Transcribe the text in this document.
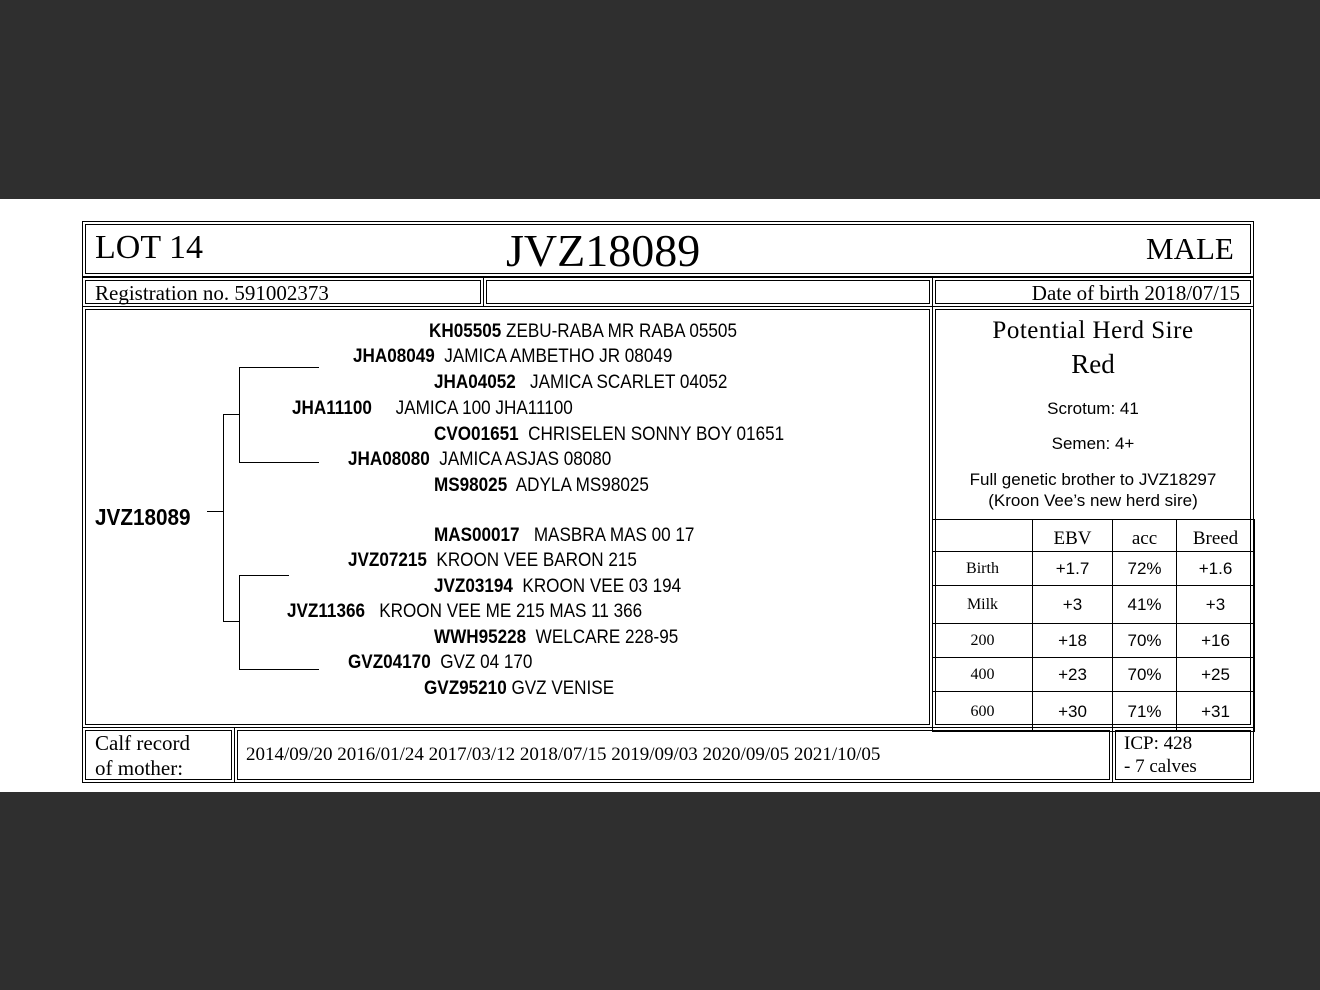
LOT 14	JVZ18089	MALE
Registration no. 591002373	Date of birth 2018/07/15
JVZ18089
KH05505 ZEBU-RABA MR RABA 05505
JHA08049 JAMICA AMBETHO JR 08049
JHA04052 JAMICA SCARLET 04052
JHA11100 JAMICA 100 JHA11100
CVO01651 CHRISELEN SONNY BOY 01651
JHA08080 JAMICA ASJAS 08080
MS98025 ADYLA MS98025
MAS00017 MASBRA MAS 00 17
JVZ07215 KROON VEE BARON 215
JVZ03194 KROON VEE 03 194
JVZ11366 KROON VEE ME 215 MAS 11 366
WWH95228 WELCARE 228-95
GVZ04170 GVZ 04 170
GVZ95210 GVZ VENISE
Potential Herd Sire
Red
Scrotum: 41
Semen: 4+
Full genetic brother to JVZ18297
(Kroon Vee’s new herd sire)
	EBV	acc	Breed
Birth	+1.7	72%	+1.6
Milk	+3	41%	+3
200	+18	70%	+16
400	+23	70%	+25
600	+30	71%	+31
Calf record
of mother:
2014/09/20 2016/01/24 2017/03/12 2018/07/15 2019/09/03 2020/09/05 2021/10/05
ICP: 428
- 7 calves
